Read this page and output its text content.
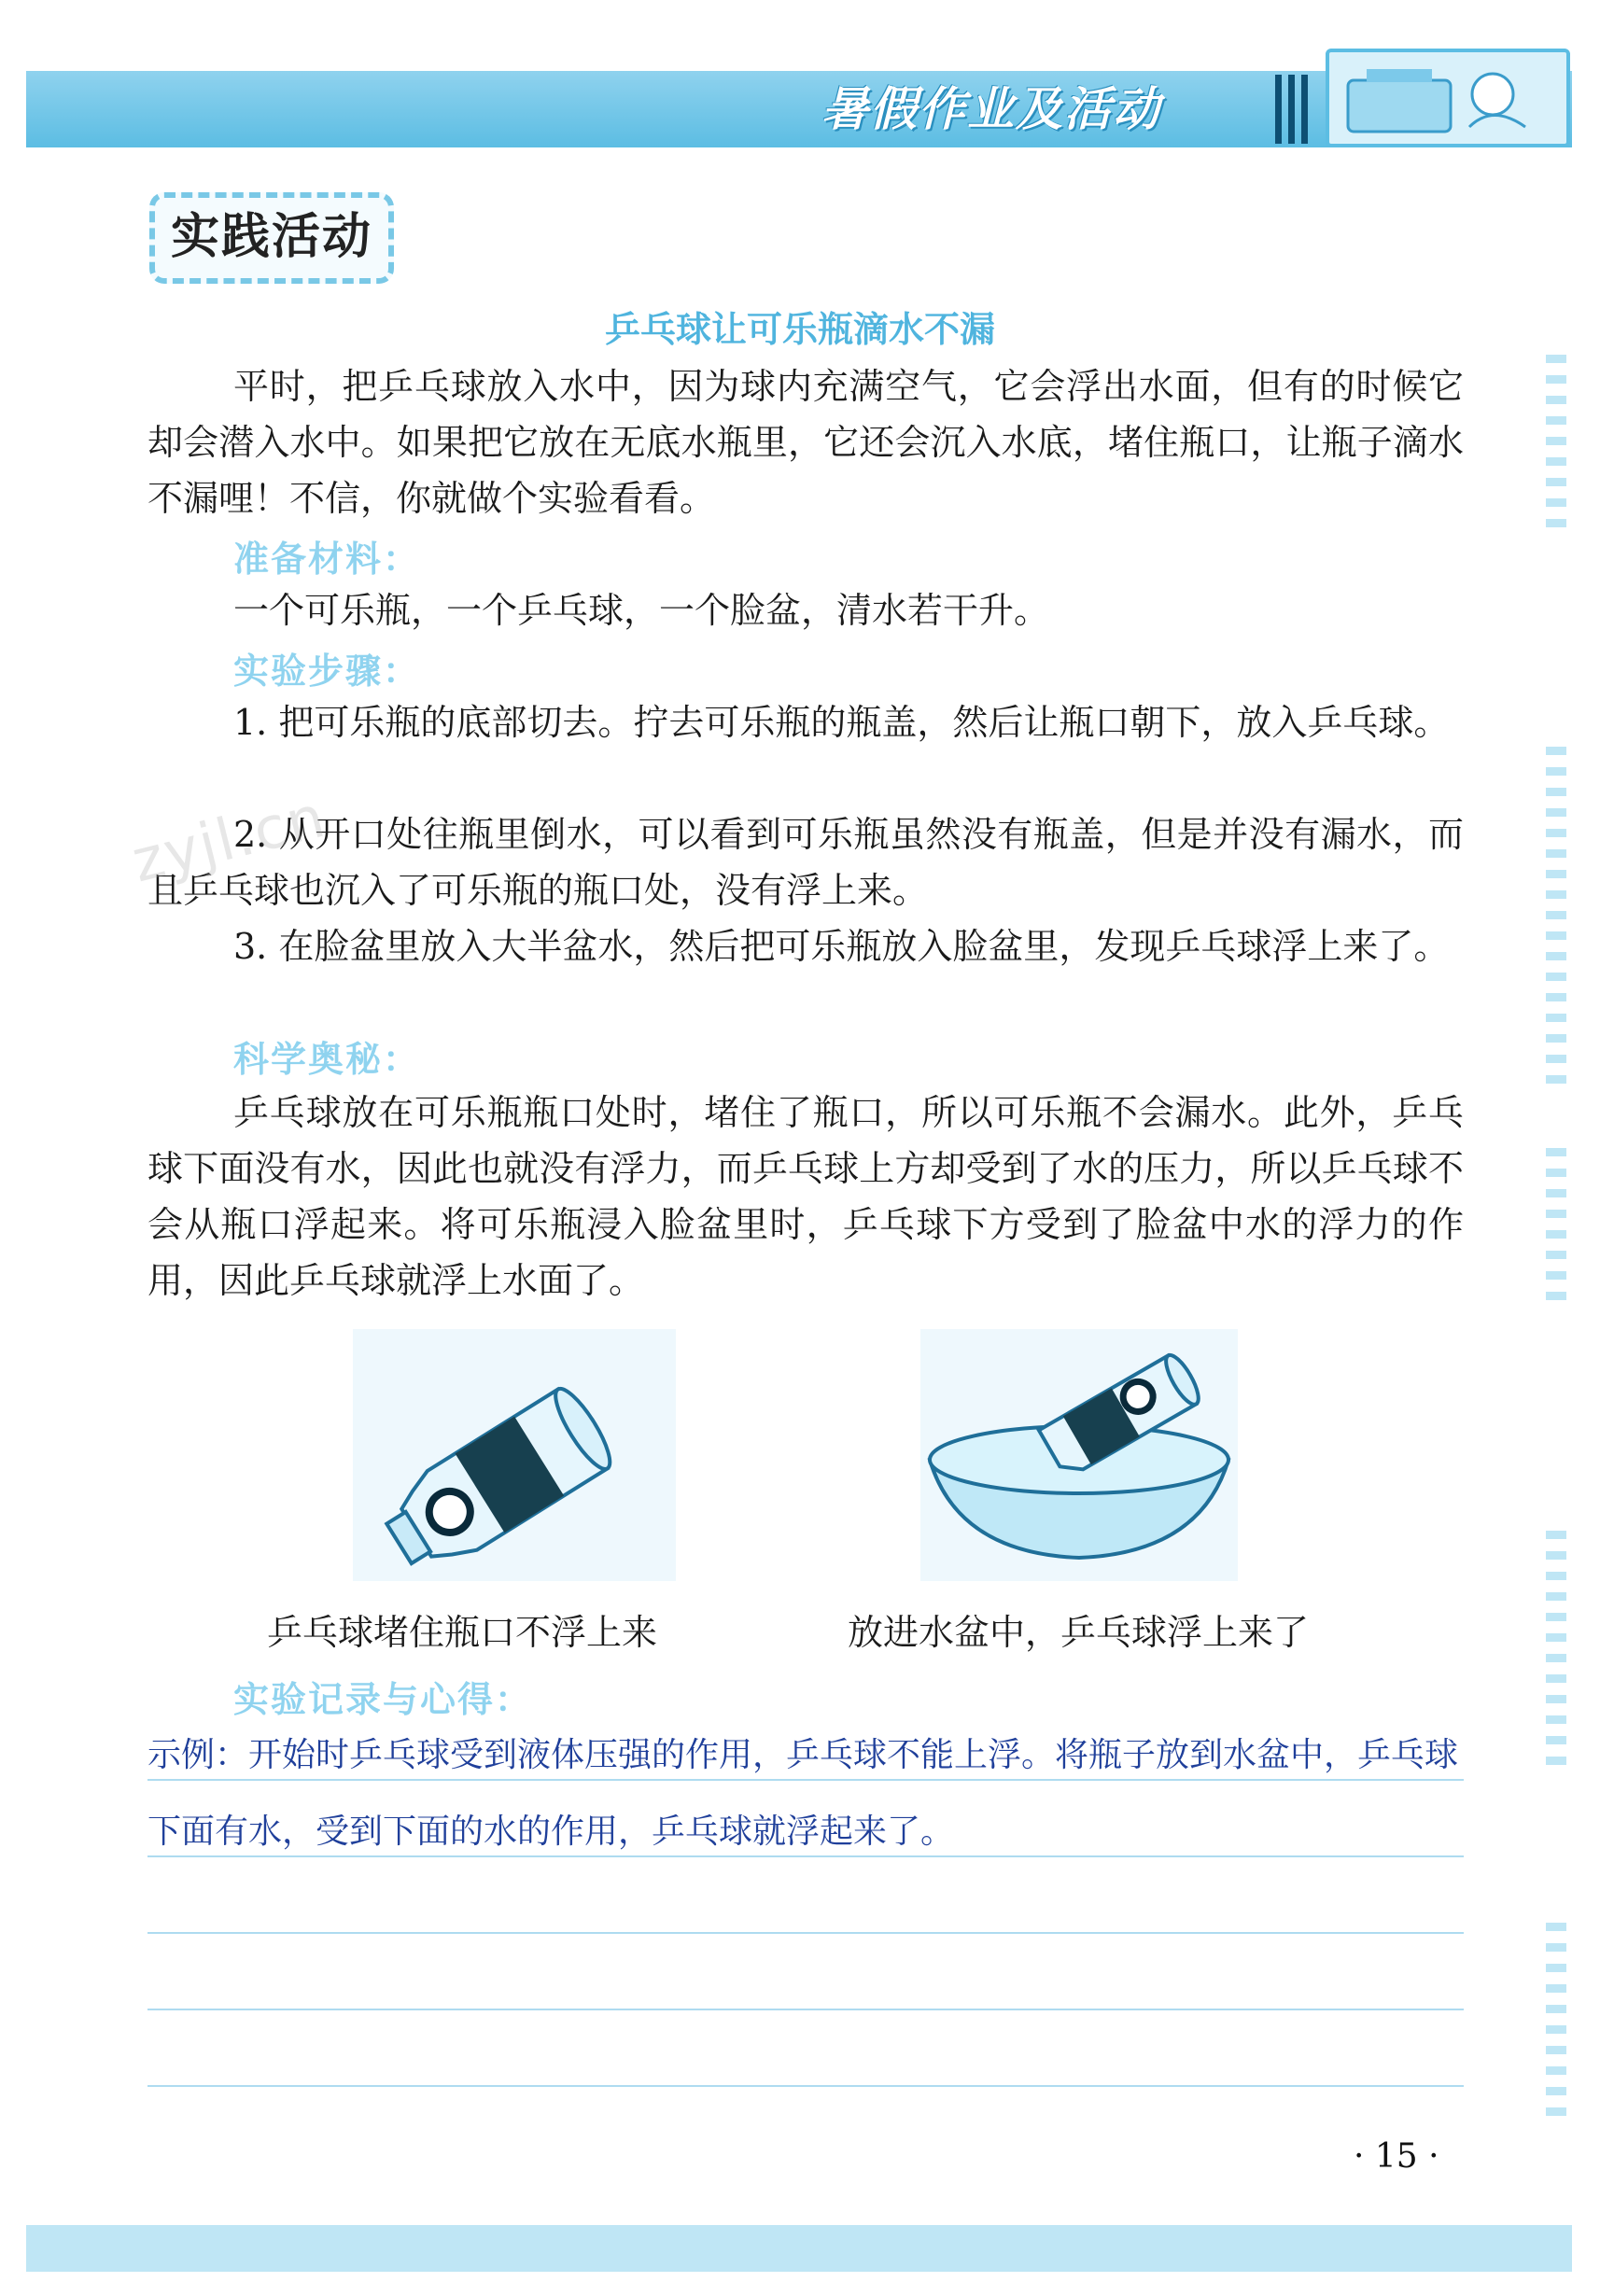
暑假作业及活动
实践活动
乒乓球让可乐瓶滴水不漏
平时，把乒乓球放入水中，因为球内充满空气，它会浮出水面，但有的时候它却会潜入水中。如果把它放在无底水瓶里，它还会沉入水底，堵住瓶口，让瓶子滴水不漏哩！不信，你就做个实验看看。
准备材料：
一个可乐瓶，一个乒乓球，一个脸盆，清水若干升。
实验步骤：
1. 把可乐瓶的底部切去。拧去可乐瓶的瓶盖，然后让瓶口朝下，放入乒乓球。
2. 从开口处往瓶里倒水，可以看到可乐瓶虽然没有瓶盖，但是并没有漏水，而且乒乓球也沉入了可乐瓶的瓶口处，没有浮上来。
3. 在脸盆里放入大半盆水，然后把可乐瓶放入脸盆里，发现乒乓球浮上来了。
科学奥秘：
乒乓球放在可乐瓶瓶口处时，堵住了瓶口，所以可乐瓶不会漏水。此外，乒乓球下面没有水，因此也就没有浮力，而乒乓球上方却受到了水的压力，所以乒乓球不会从瓶口浮起来。将可乐瓶浸入脸盆里时，乒乓球下方受到了脸盆中水的浮力的作用，因此乒乓球就浮上水面了。
zyjl.cn
乒乓球堵住瓶口不浮上来	放进水盆中，乒乓球浮上来了
实验记录与心得：
示例：开始时乒乓球受到液体压强的作用，乒乓球不能上浮。将瓶子放到水盆中，乒乓球下面有水，受到下面的水的作用，乒乓球就浮起来了。
· 15 ·
